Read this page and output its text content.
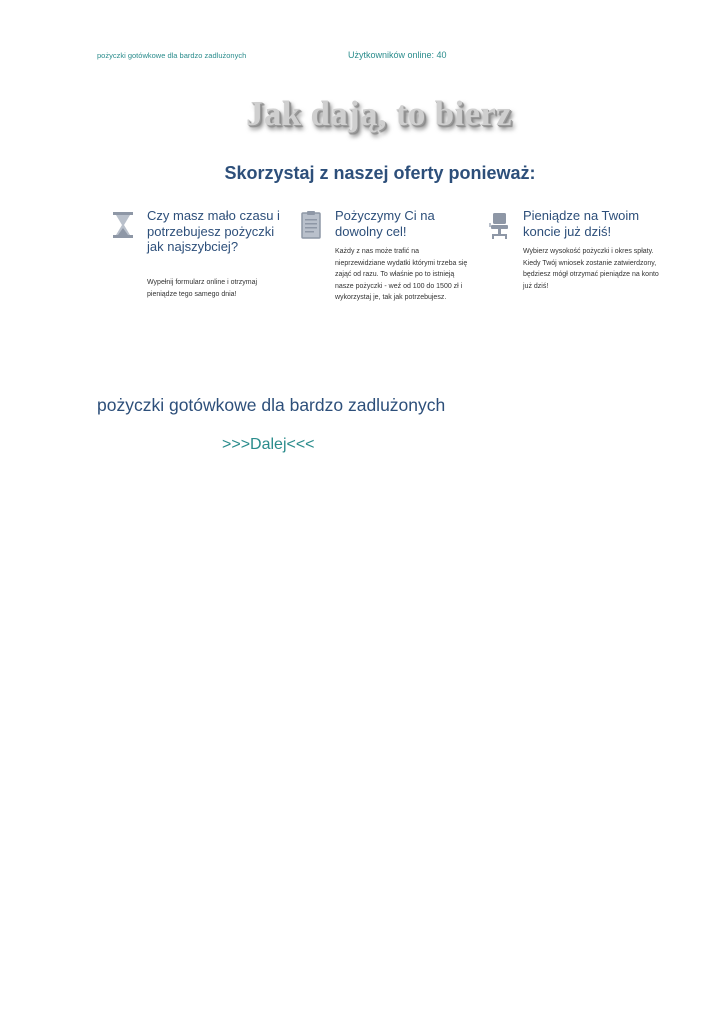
pożyczki gotówkowe dla bardzo zadlużonych	Użytkowników online: 40
Jak dają, to bierz
Skorzystaj z naszej oferty ponieważ:
Czy masz mało czasu i potrzebujesz pożyczki jak najszybciej?
Wypełnij formularz online i otrzymaj pieniądze tego samego dnia!
Pożyczymy Ci na dowolny cel!
Każdy z nas może trafić na nieprzewidziane wydatki którymi trzeba się zająć od razu. To właśnie po to istnieją nasze pożyczki - weź od 100 do 1500 zł i wykorzystaj je, tak jak potrzebujesz.
Pieniądze na Twoim koncie już dziś!
Wybierz wysokość pożyczki i okres spłaty. Kiedy Twój wniosek zostanie zatwierdzony, będziesz mógł otrzymać pieniądze na konto już dziś!
pożyczki gotówkowe dla bardzo zadlużonych
>>>Dalej<<<
